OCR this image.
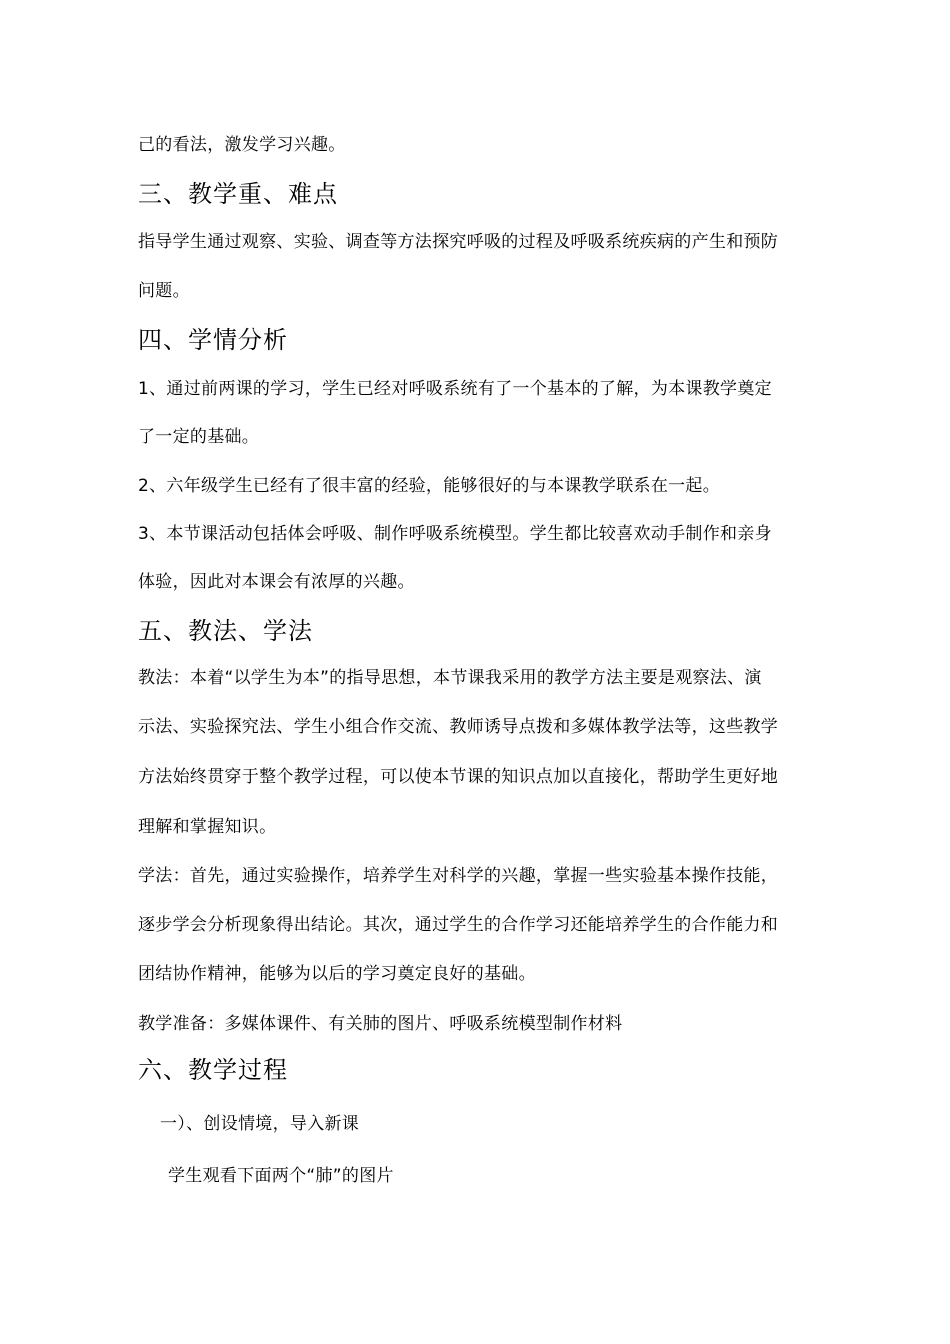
己的看法，激发学习兴趣。
三、教学重、难点
指导学生通过观察、实验、调查等方法探究呼吸的过程及呼吸系统疾病的产生和预防
问题。
四、学情分析
1、通过前两课的学习，学生已经对呼吸系统有了一个基本的了解，为本课教学奠定
了一定的基础。
2、六年级学生已经有了很丰富的经验，能够很好的与本课教学联系在一起。
3、本节课活动包括体会呼吸、制作呼吸系统模型。学生都比较喜欢动手制作和亲身
体验，因此对本课会有浓厚的兴趣。
五、教法、学法
教法：本着“以学生为本”的指导思想，本节课我采用的教学方法主要是观察法、演
示法、实验探究法、学生小组合作交流、教师诱导点拨和多媒体教学法等，这些教学
方法始终贯穿于整个教学过程，可以使本节课的知识点加以直接化，帮助学生更好地
理解和掌握知识。
学法：首先，通过实验操作，培养学生对科学的兴趣，掌握一些实验基本操作技能，
逐步学会分析现象得出结论。其次，通过学生的合作学习还能培养学生的合作能力和
团结协作精神，能够为以后的学习奠定良好的基础。
教学准备：多媒体课件、有关肺的图片、呼吸系统模型制作材料
六、教学过程
一）、创设情境，导入新课
学生观看下面两个“肺”的图片
